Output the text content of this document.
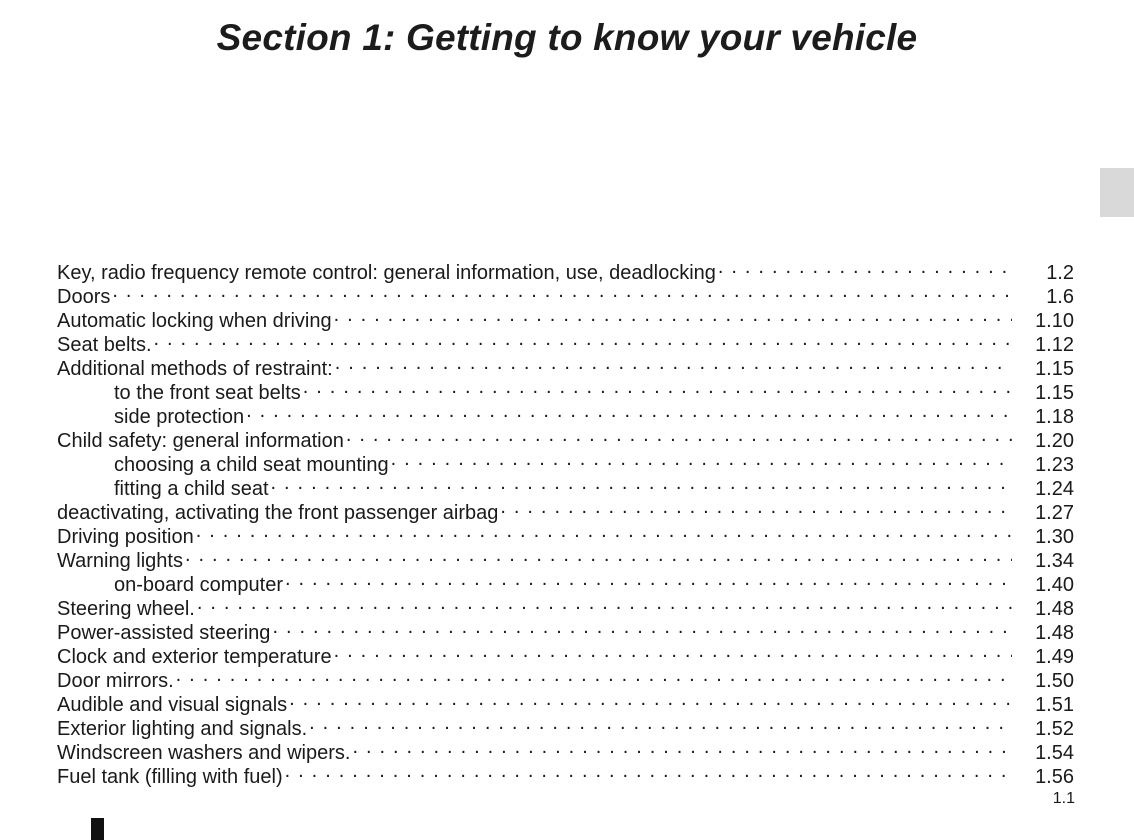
Section 1: Getting to know your vehicle
Key, radio frequency remote control: general information, use, deadlocking . . .	1.2
Doors . . .	1.6
Automatic locking when driving . . .	1.10
Seat belts. . . .	1.12
Additional methods of restraint: . . .	1.15
to the front seat belts . . .	1.15
side protection . . .	1.18
Child safety: general information . . .	1.20
choosing a child seat mounting . . .	1.23
fitting a child seat . . .	1.24
deactivating, activating the front passenger airbag . . .	1.27
Driving position . . .	1.30
Warning lights . . .	1.34
on-board computer . . .	1.40
Steering wheel. . . .	1.48
Power-assisted steering . . .	1.48
Clock and exterior temperature . . .	1.49
Door mirrors. . . .	1.50
Audible and visual signals . . .	1.51
Exterior lighting and signals. . . .	1.52
Windscreen washers and wipers. . . .	1.54
Fuel tank (filling with fuel) . . .	1.56
1.1
